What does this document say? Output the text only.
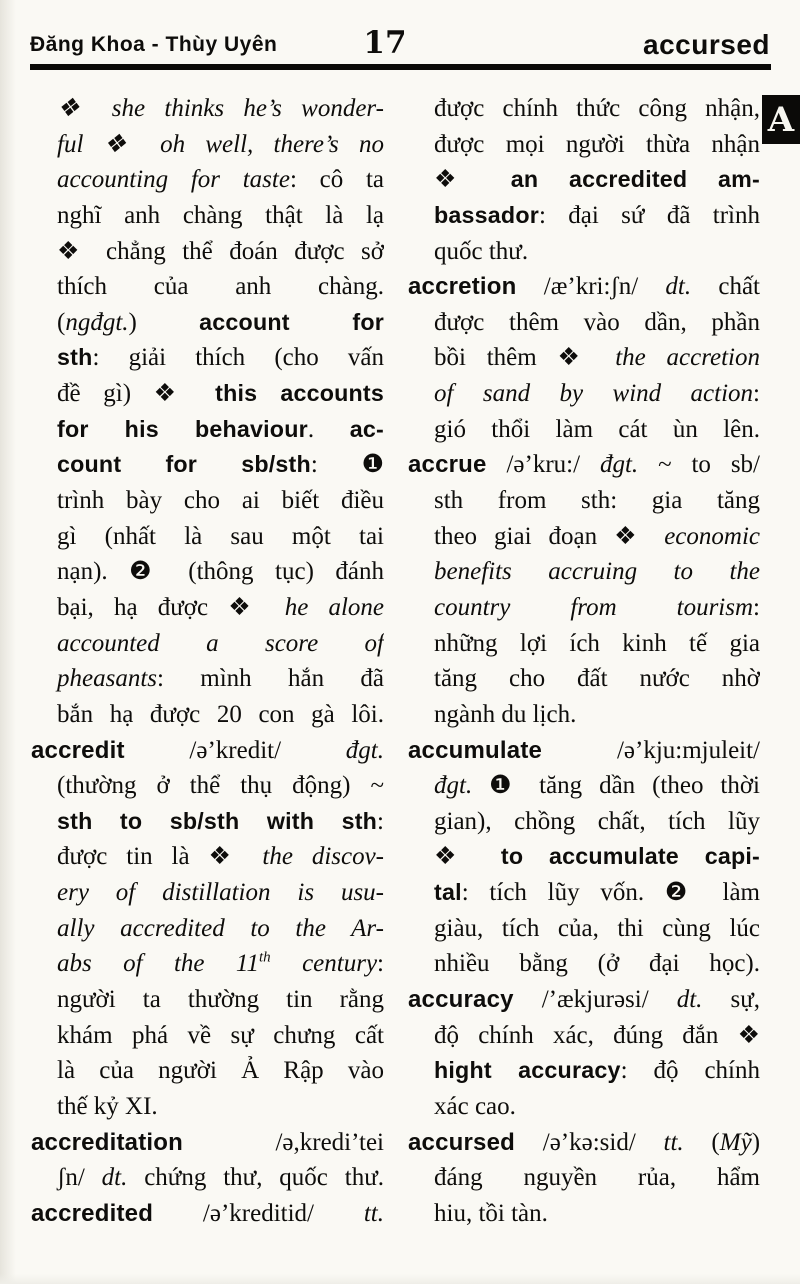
Đăng Khoa - Thùy Uyên	17	accursed
A
❖ she thinks he’s wonder-
ful ❖ oh well, there’s no
accounting for taste: cô ta
nghĩ anh chàng thật là lạ
❖ chẳng thể đoán được sở
thích của anh chàng.
(ngđgt.) account for
sth: giải thích (cho vấn
đề gì) ❖ this accounts
for his behaviour. ac-
count for sb/sth: ❶
trình bày cho ai biết điều
gì (nhất là sau một tai
nạn). ❷ (thông tục) đánh
bại, hạ được ❖ he alone
accounted a score of
pheasants: mình hắn đã
bắn hạ được 20 con gà lôi.
accredit /ə’kredit/ đgt.
(thường ở thể thụ động) ~
sth to sb/sth with sth:
được tin là ❖ the discov-
ery of distillation is usu-
ally accredited to the Ar-
abs of the 11th century:
người ta thường tin rằng
khám phá về sự chưng cất
là của người Ả Rập vào
thế kỷ XI.
accreditation /ə,kredi’tei
ʃn/ dt. chứng thư, quốc thư.
accredited /ə’kreditid/ tt.
được chính thức công nhận,
được mọi người thừa nhận
❖ an accredited am-
bassador: đại sứ đã trình
quốc thư.
accretion /æ’kri:ʃn/ dt. chất
được thêm vào dần, phần
bồi thêm ❖ the accretion
of sand by wind action:
gió thổi làm cát ùn lên.
accrue /ə’kru:/ đgt. ~ to sb/
sth from sth: gia tăng
theo giai đoạn ❖ economic
benefits accruing to the
country from tourism:
những lợi ích kinh tế gia
tăng cho đất nước nhờ
ngành du lịch.
accumulate /ə’kju:mjuleit/
đgt. ❶ tăng dần (theo thời
gian), chồng chất, tích lũy
❖ to accumulate capi-
tal: tích lũy vốn. ❷ làm
giàu, tích của, thi cùng lúc
nhiều bằng (ở đại học).
accuracy /’ækjurəsi/ dt. sự,
độ chính xác, đúng đắn ❖
hight accuracy: độ chính
xác cao.
accursed /ə’kə:sid/ tt. (Mỹ)
đáng nguyền rủa, hẩm
hiu, tồi tàn.
